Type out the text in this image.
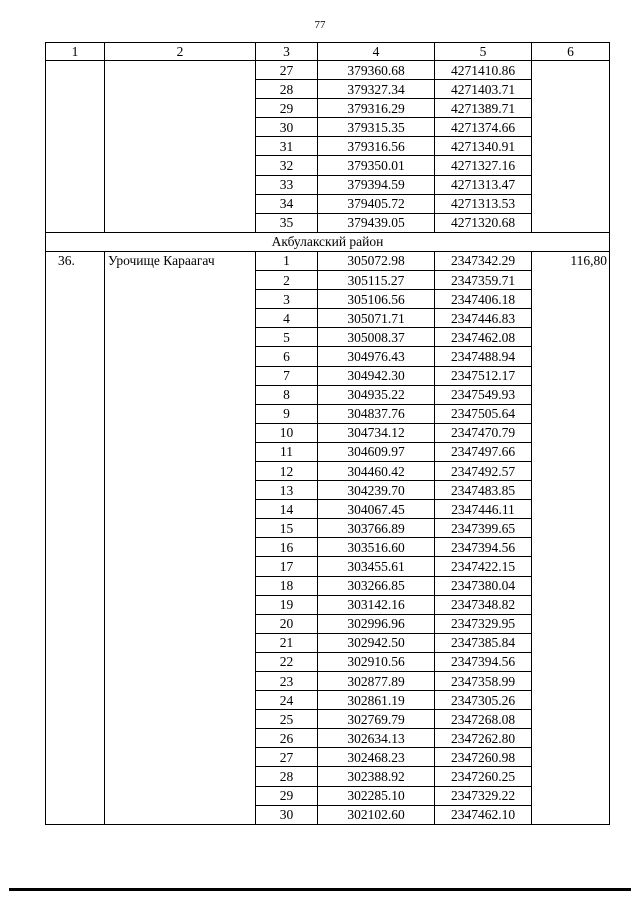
77
1	2	3	4	5	6
		27	379360.68	4271410.86	
		28	379327.34	4271403.71	
		29	379316.29	4271389.71	
		30	379315.35	4271374.66	
		31	379316.56	4271340.91	
		32	379350.01	4271327.16	
		33	379394.59	4271313.47	
		34	379405.72	4271313.53	
		35	379439.05	4271320.68	
Акбулакский район					
36.	Урочище Караагач	1	305072.98	2347342.29	116,80
		2	305115.27	2347359.71	
		3	305106.56	2347406.18	
		4	305071.71	2347446.83	
		5	305008.37	2347462.08	
		6	304976.43	2347488.94	
		7	304942.30	2347512.17	
		8	304935.22	2347549.93	
		9	304837.76	2347505.64	
		10	304734.12	2347470.79	
		11	304609.97	2347497.66	
		12	304460.42	2347492.57	
		13	304239.70	2347483.85	
		14	304067.45	2347446.11	
		15	303766.89	2347399.65	
		16	303516.60	2347394.56	
		17	303455.61	2347422.15	
		18	303266.85	2347380.04	
		19	303142.16	2347348.82	
		20	302996.96	2347329.95	
		21	302942.50	2347385.84	
		22	302910.56	2347394.56	
		23	302877.89	2347358.99	
		24	302861.19	2347305.26	
		25	302769.79	2347268.08	
		26	302634.13	2347262.80	
		27	302468.23	2347260.98	
		28	302388.92	2347260.25	
		29	302285.10	2347329.22	
		30	302102.60	2347462.10	
